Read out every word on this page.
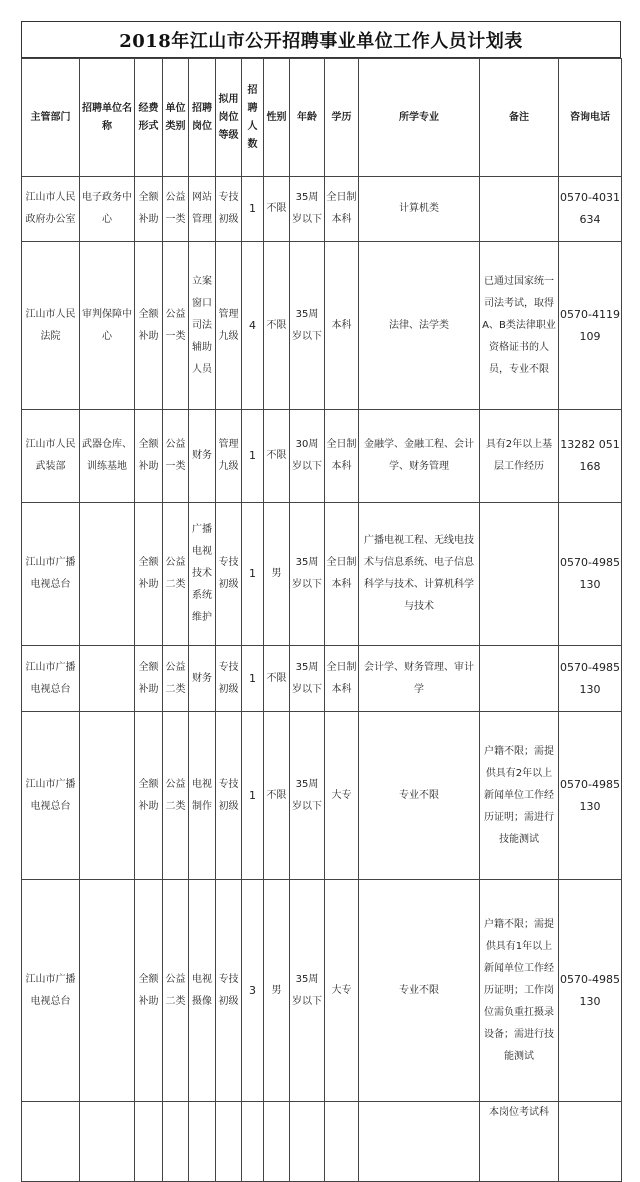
2018年江山市公开招聘事业单位工作人员计划表
主管部门	招聘单位名称	经费形式	单位类别	招聘岗位	拟用岗位等级	招聘人数	性别	年龄	学历	所学专业	备注	咨询电话
江山市人民政府办公室	电子政务中心	全额补助	公益一类	网站管理	专技初级	1	不限	35周岁以下	全日制本科	计算机类		0570-4031634
江山市人民法院	审判保障中心	全额补助	公益一类	立案窗口司法辅助人员	管理九级	4	不限	35周岁以下	本科	法律、法学类	已通过国家统一司法考试，取得A、B类法律职业资格证书的人员，专业不限	0570-4119109
江山市人民武装部	武器仓库、训练基地	全额补助	公益一类	财务	管理九级	1	不限	30周岁以下	全日制本科	金融学、金融工程、会计学、财务管理	具有2年以上基层工作经历	13282 051168
江山市广播电视总台		全额补助	公益二类	广播电视技术系统维护	专技初级	1	男	35周岁以下	全日制本科	广播电视工程、无线电技术与信息系统、电子信息科学与技术、计算机科学与技术		0570-4985130
江山市广播电视总台		全额补助	公益二类	财务	专技初级	1	不限	35周岁以下	全日制本科	会计学、财务管理、审计学		0570-4985130
江山市广播电视总台		全额补助	公益二类	电视制作	专技初级	1	不限	35周岁以下	大专	专业不限	户籍不限；需提供具有2年以上新闻单位工作经历证明；需进行技能测试	0570-4985130
江山市广播电视总台		全额补助	公益二类	电视摄像	专技初级	3	男	35周岁以下	大专	专业不限	户籍不限；需提供具有1年以上新闻单位工作经历证明；工作岗位需负重扛摄录设备；需进行技能测试	0570-4985130
											本岗位考试科	
